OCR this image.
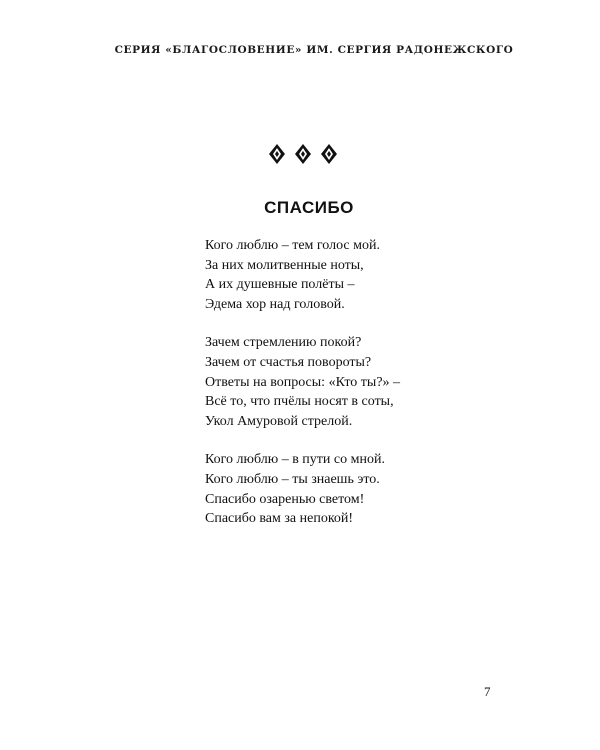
СЕРИЯ «БЛАГОСЛОВЕНИЕ» ИМ. СЕРГИЯ РАДОНЕЖСКОГО
СПАСИБО
Кого люблю – тем голос мой.
За них молитвенные ноты,
А их душевные полёты –
Эдема хор над головой.
Зачем стремлению покой?
Зачем от счастья повороты?
Ответы на вопросы: «Кто ты?» –
Всё то, что пчёлы носят в соты,
Укол Амуровой стрелой.
Кого люблю – в пути со мной.
Кого люблю – ты знаешь это.
Спасибо озаренью светом!
Спасибо вам за непокой!
7
